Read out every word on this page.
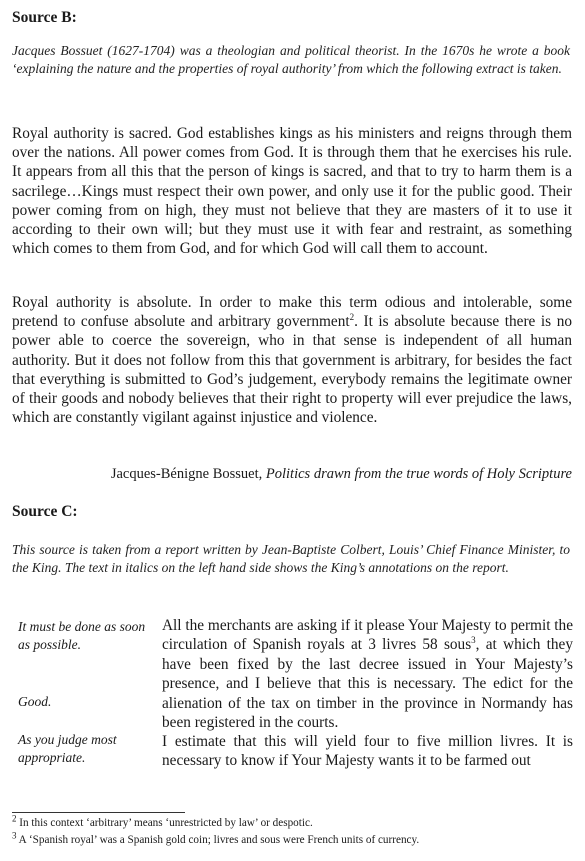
Source B:
Jacques Bossuet (1627-1704) was a theologian and political theorist. In the 1670s he wrote a book ‘explaining the nature and the properties of royal authority’ from which the following extract is taken.
Royal authority is sacred. God establishes kings as his ministers and reigns through them over the nations. All power comes from God. It is through them that he exercises his rule. It appears from all this that the person of kings is sacred, and that to try to harm them is a sacrilege…Kings must respect their own power, and only use it for the public good. Their power coming from on high, they must not believe that they are masters of it to use it according to their own will; but they must use it with fear and restraint, as something which comes to them from God, and for which God will call them to account.
Royal authority is absolute. In order to make this term odious and intolerable, some pretend to confuse absolute and arbitrary government$^2$. It is absolute because there is no power able to coerce the sovereign, who in that sense is independent of all human authority. But it does not follow from this that government is arbitrary, for besides the fact that everything is submitted to God’s judgement, everybody remains the legitimate owner of their goods and nobody believes that their right to property will ever prejudice the laws, which are constantly vigilant against injustice and violence.
Jacques-Bénigne Bossuet, Politics drawn from the true words of Holy Scripture
Source C:
This source is taken from a report written by Jean-Baptiste Colbert, Louis’ Chief Finance Minister, to the King. The text in italics on the left hand side shows the King’s annotations on the report.
It must be done as soon as possible.
Good.
As you judge most appropriate.
All the merchants are asking if it please Your Majesty to permit the circulation of Spanish royals at 3 livres 58 sous$^3$, at which they have been fixed by the last decree issued in Your Majesty’s presence, and I believe that this is necessary. The edict for the alienation of the tax on timber in the province in Normandy has been registered in the courts.
I estimate that this will yield four to five million livres. It is necessary to know if Your Majesty wants it to be farmed out
$^2$ In this context ‘arbitrary’ means ‘unrestricted by law’ or despotic.
$^3$ A ‘Spanish royal’ was a Spanish gold coin; livres and sous were French units of currency.
